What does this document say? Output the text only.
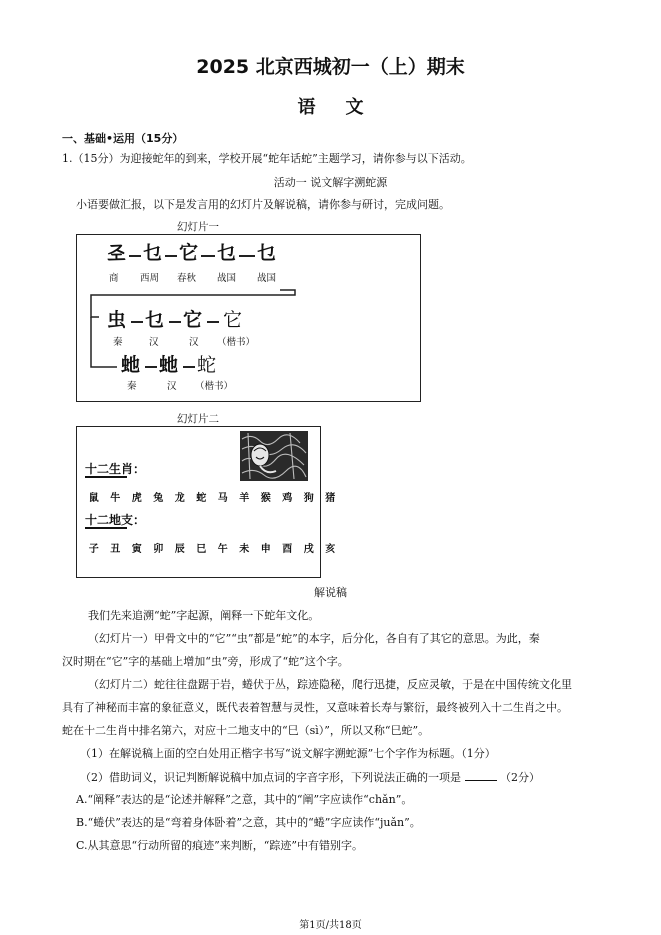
2025 北京西城初一（上）期末
语文
一、基础•运用（15分）
1.（15分）为迎接蛇年的到来，学校开展“蛇年话蛇”主题学习，请你参与以下活动。
活动一 说文解字溯蛇源
小语要做汇报，以下是发言用的幻灯片及解说稿，请你参与研讨，完成问题。
幻灯片一
𢀖 乜 它 乜 乜
商 西周 春秋 战国 战国
虫 乜 它 它
秦	汉	汉 （楷书）
虵 虵 蛇
秦	汉 （楷书）
幻灯片二
十二生肖：
鼠	牛	虎	兔	龙	蛇	马	羊	猴	鸡	狗	猪
十二地支：
子	丑	寅	卯	辰	巳	午	未	申	酉	戌	亥
解说稿
我们先来追溯“蛇”字起源，阐释一下蛇年文化。
（幻灯片一）甲骨文中的“它”“虫”都是“蛇”的本字，后分化，各自有了其它的意思。为此，秦
汉时期在“它”字的基础上增加“虫”旁，形成了“蛇”这个字。
（幻灯片二）蛇往往盘踞于岩，蜷伏于丛，踪迹隐秘，爬行迅捷，反应灵敏，于是在中国传统文化里
具有了神秘而丰富的象征意义，既代表着智慧与灵性，又意味着长寿与繁衍，最终被列入十二生肖之中。
蛇在十二生肖中排名第六，对应十二地支中的“巳（sì）”，所以又称“巳蛇”。
（1）在解说稿上面的空白处用正楷字书写“说文解字溯蛇源”七个字作为标题。（1分）
（2）借助词义，识记判断解说稿中加点词的字音字形，下列说法正确的一项是	（2分）
A.“阐释”表达的是“论述并解释”之意，其中的“阐”字应读作“chǎn”。
B.“蜷伏”表达的是“弯着身体卧着”之意，其中的“蜷”字应读作“juǎn”。
C.从其意思“行动所留的痕迹”来判断，“踪迹”中有错别字。
第1页/共18页
